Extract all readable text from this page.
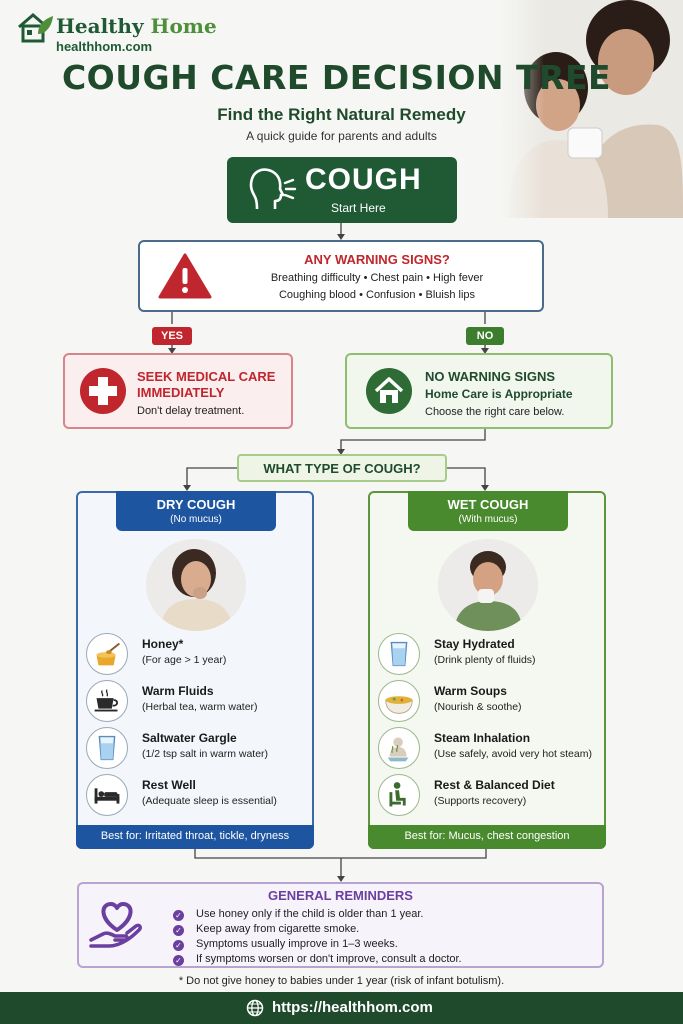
Healthy Home
healthhom.com
COUGH CARE DECISION TREE
Find the Right Natural Remedy
A quick guide for parents and adults
COUGH
Start Here
ANY WARNING SIGNS?
Breathing difficulty • Chest pain • High fever
Coughing blood • Confusion • Bluish lips
YES	NO
SEEK MEDICAL CARE IMMEDIATELY
Don't delay treatment.
NO WARNING SIGNS
Home Care is Appropriate
Choose the right care below.
WHAT TYPE OF COUGH?
DRY COUGH
(No mucus)
Honey*
(For age > 1 year)
Warm Fluids
(Herbal tea, warm water)
Saltwater Gargle
(1/2 tsp salt in warm water)
Rest Well
(Adequate sleep is essential)
Best for: Irritated throat, tickle, dryness
WET COUGH
(With mucus)
Stay Hydrated
(Drink plenty of fluids)
Warm Soups
(Nourish & soothe)
Steam Inhalation
(Use safely, avoid very hot steam)
Rest & Balanced Diet
(Supports recovery)
Best for: Mucus, chest congestion
GENERAL REMINDERS
✓ Use honey only if the child is older than 1 year.
✓ Keep away from cigarette smoke.
✓ Symptoms usually improve in 1–3 weeks.
✓ If symptoms worsen or don't improve, consult a doctor.
* Do not give honey to babies under 1 year (risk of infant botulism).
https://healthhom.com
